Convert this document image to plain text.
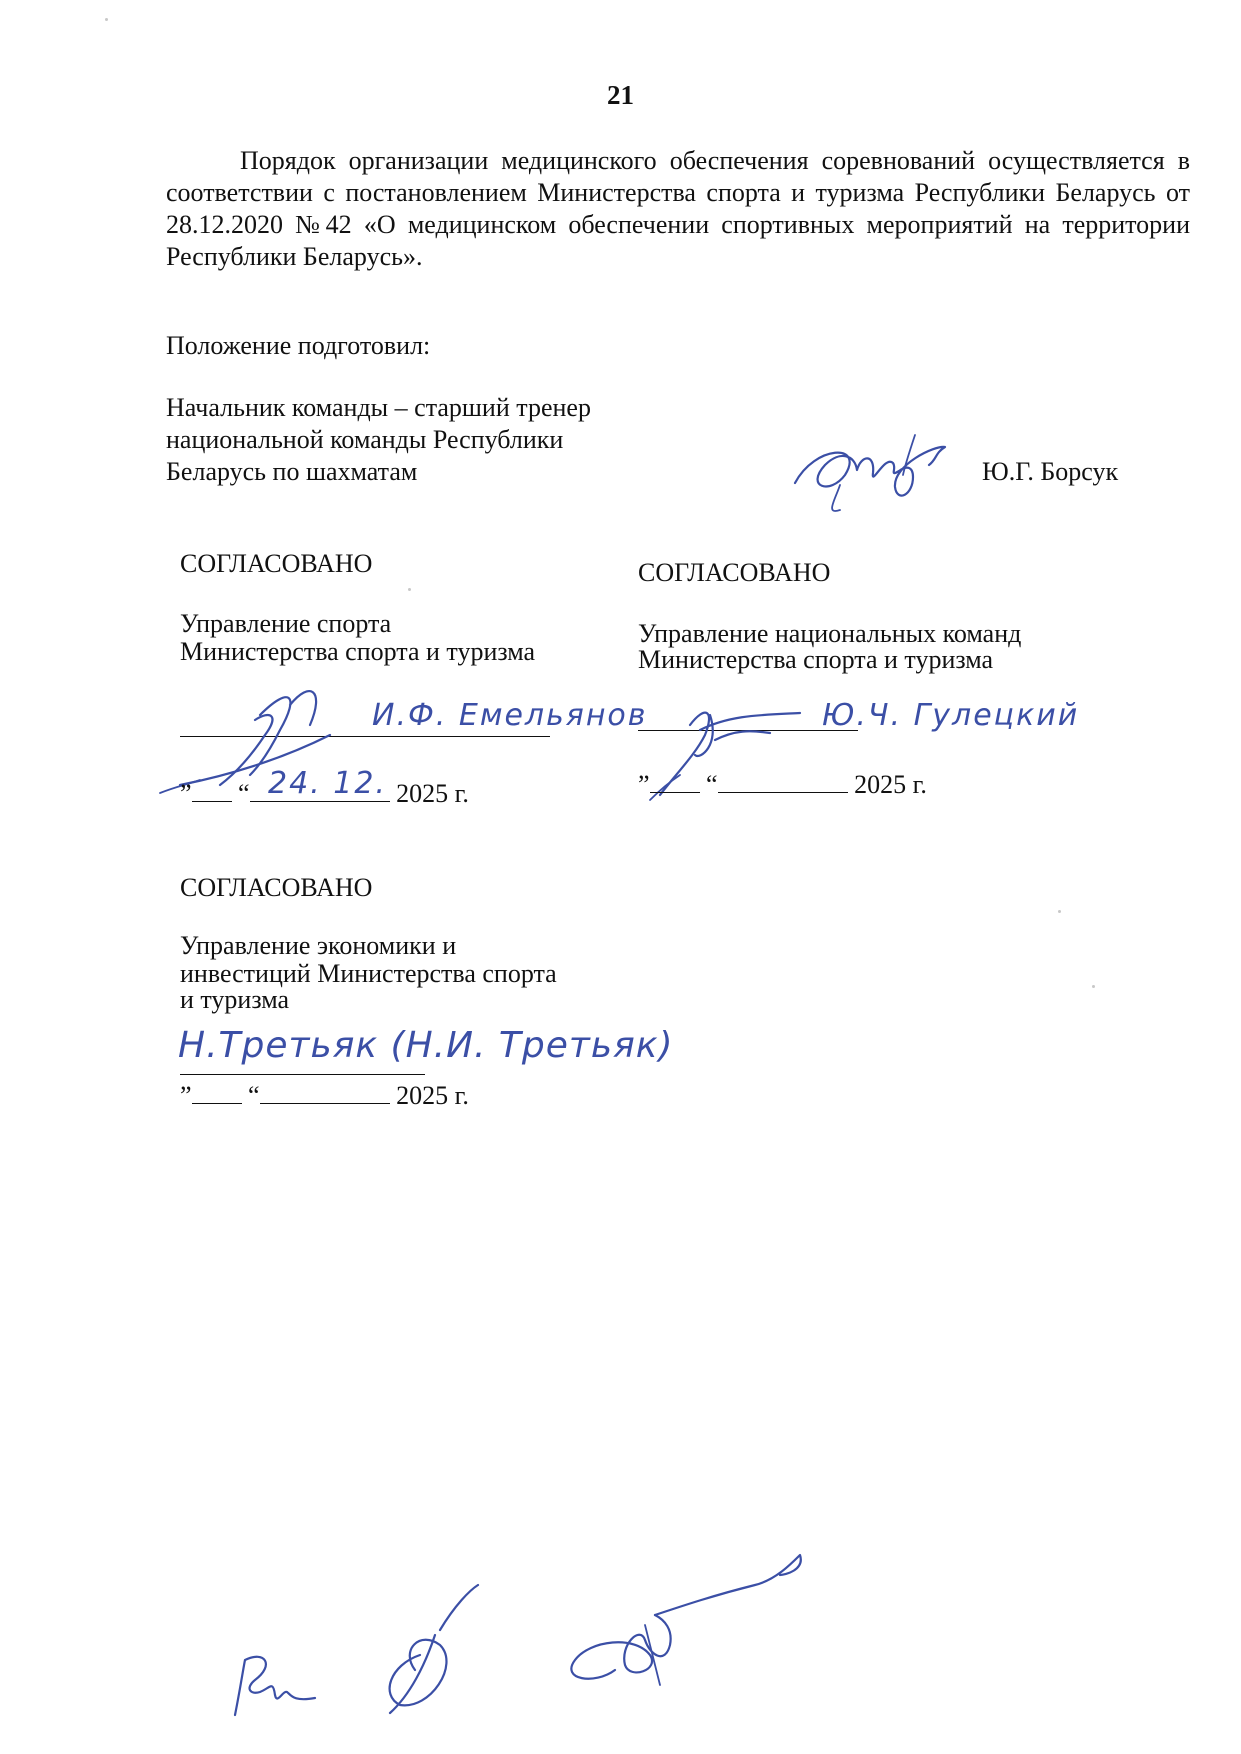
21

Порядок организации медицинского обеспечения соревнований осуществляется в соответствии с постановлением Министерства спорта и туризма Республики Беларусь от 28.12.2020 №42 «О медицинском обеспечении спортивных мероприятий на территории Республики Беларусь».

Положение подготовил:
Начальник команды – старший тренер
национальной команды Республики
Беларусь по шахматам	Ю.Г. Борсук
СОГЛАСОВАНО
Управление спорта
Министерства спорта и туризма
И.Ф. Емельянов
” “	2025 г.
24. 12.
СОГЛАСОВАНО
Управление национальных команд
Министерства спорта и туризма
Ю.Ч. Гулецкий
” “	2025 г.
СОГЛАСОВАНО
Управление экономики и
инвестиций Министерства спорта
и туризма
Н.Третьяк (Н.И. Третьяк)
” “	2025 г.
